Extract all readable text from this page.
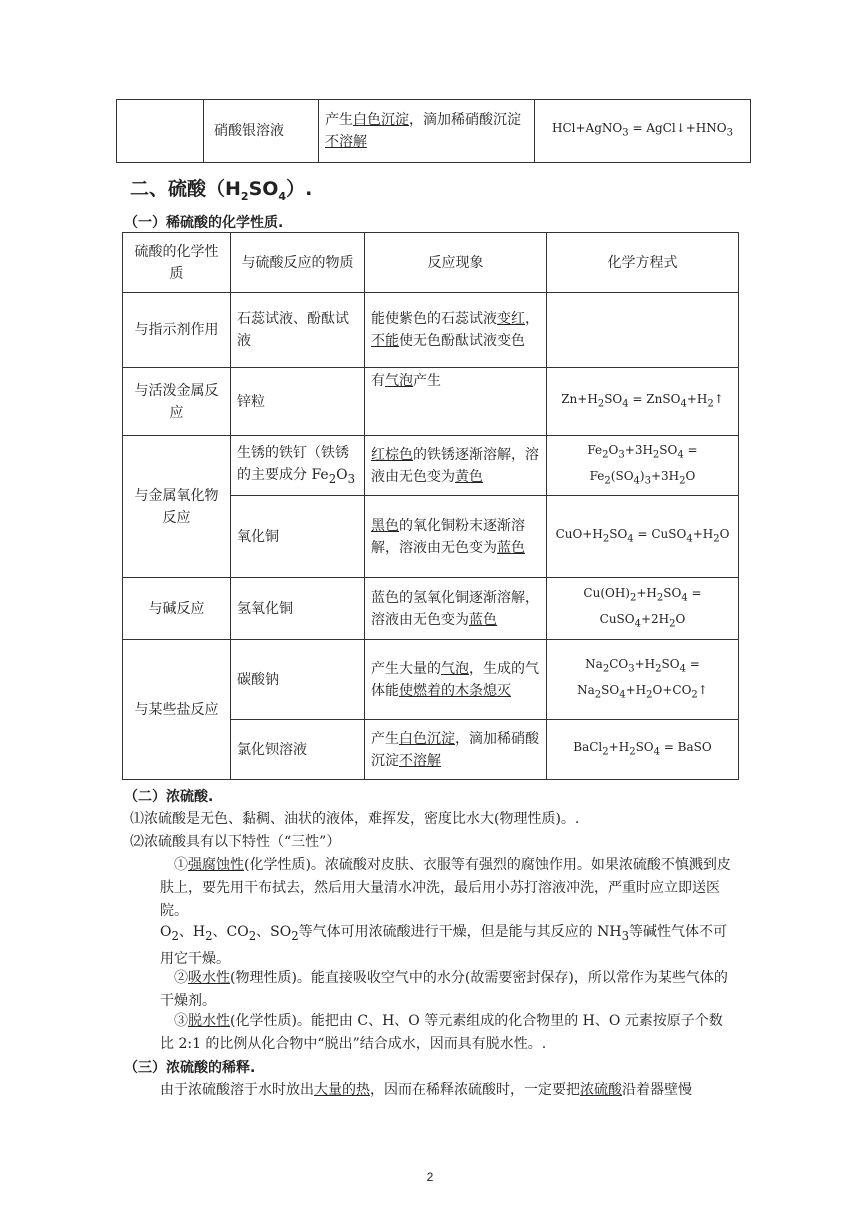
	硝酸银溶液	产生白色沉淀，滴加稀硝酸沉淀
不溶解	HCl+AgNO$_3$ = $AgCl↓+HNO_3$
二、硫酸$(H_2SO_4)$.
（一）稀硫酸的化学性质.
硫酸的化学性质	与硫酸反应的物质	反应现象	化学方程式
与指示剂作用	石蕊试液、酚酞试液	能使紫色的石蕊试液变红，不能使无色酚酞试液变色	
与活泼金属反应	锌粒	有气泡产生	$Zn+H_2SO_4$ = $ZnSO_4+H_2↑$
与金属氧化物反应	生锈的铁钉（铁锈的主要成分 $Fe_2O_3$	红棕色的铁锈逐渐溶解，溶液由无色变为黄色	$Fe_2O_3+3H_2SO_4$ =
$Fe_2(SO_4)_3+3H_2O$

	氧化铜	黑色的氧化铜粉末逐渐溶解，溶液由无色变为蓝色	$CuO+H_2SO_4$ = $CuSO_4+H_2O$
与碱反应	氢氧化铜	蓝色的氢氧化铜逐渐溶解，溶液由无色变为蓝色	$Cu(OH)_2+H_2SO_4$ = $CuSO_4+2H_2O$
与某些盐反应	碳酸钠	产生大量的气泡，生成的气体能使燃着的木条熄灭	$Na_2CO_3+H_2SO_4$ =
$Na_2SO_4+H_2O+CO_2↑$

	氯化钡溶液	产生白色沉淀，滴加稀硝酸沉淀不溶解	$BaCl_2+H_2SO_4$ = BaSO
（二）浓硫酸.
⑴浓硫酸是无色、黏稠、油状的液体，难挥发，密度比水大(物理性质)。.
⑵浓硫酸具有以下特性（“三性”）
①强腐蚀性(化学性质)。浓硫酸对皮肤、衣服等有强烈的腐蚀作用。如果浓硫酸不慎溅到皮肤上，要先用干布拭去，然后用大量清水冲洗，最后用小苏打溶液冲洗，严重时应立即送医院。
$O_2$、$H_2$、$CO_2$、$SO_2$等气体可用浓硫酸进行干燥，但是能与其反应的 $NH_3$等碱性气体不可用它干燥。
②吸水性(物理性质)。能直接吸收空气中的水分(故需要密封保存)，所以常作为某些气体的干燥剂。
③脱水性(化学性质)。能把由 C、H、O 等元素组成的化合物里的 H、O 元素按原子个数比 2:1 的比例从化合物中“脱出”结合成水，因而具有脱水性。.
（三）浓硫酸的稀释.
由于浓硫酸溶于水时放出大量的热，因而在稀释浓硫酸时，一定要把浓硫酸沿着器壁慢
2
